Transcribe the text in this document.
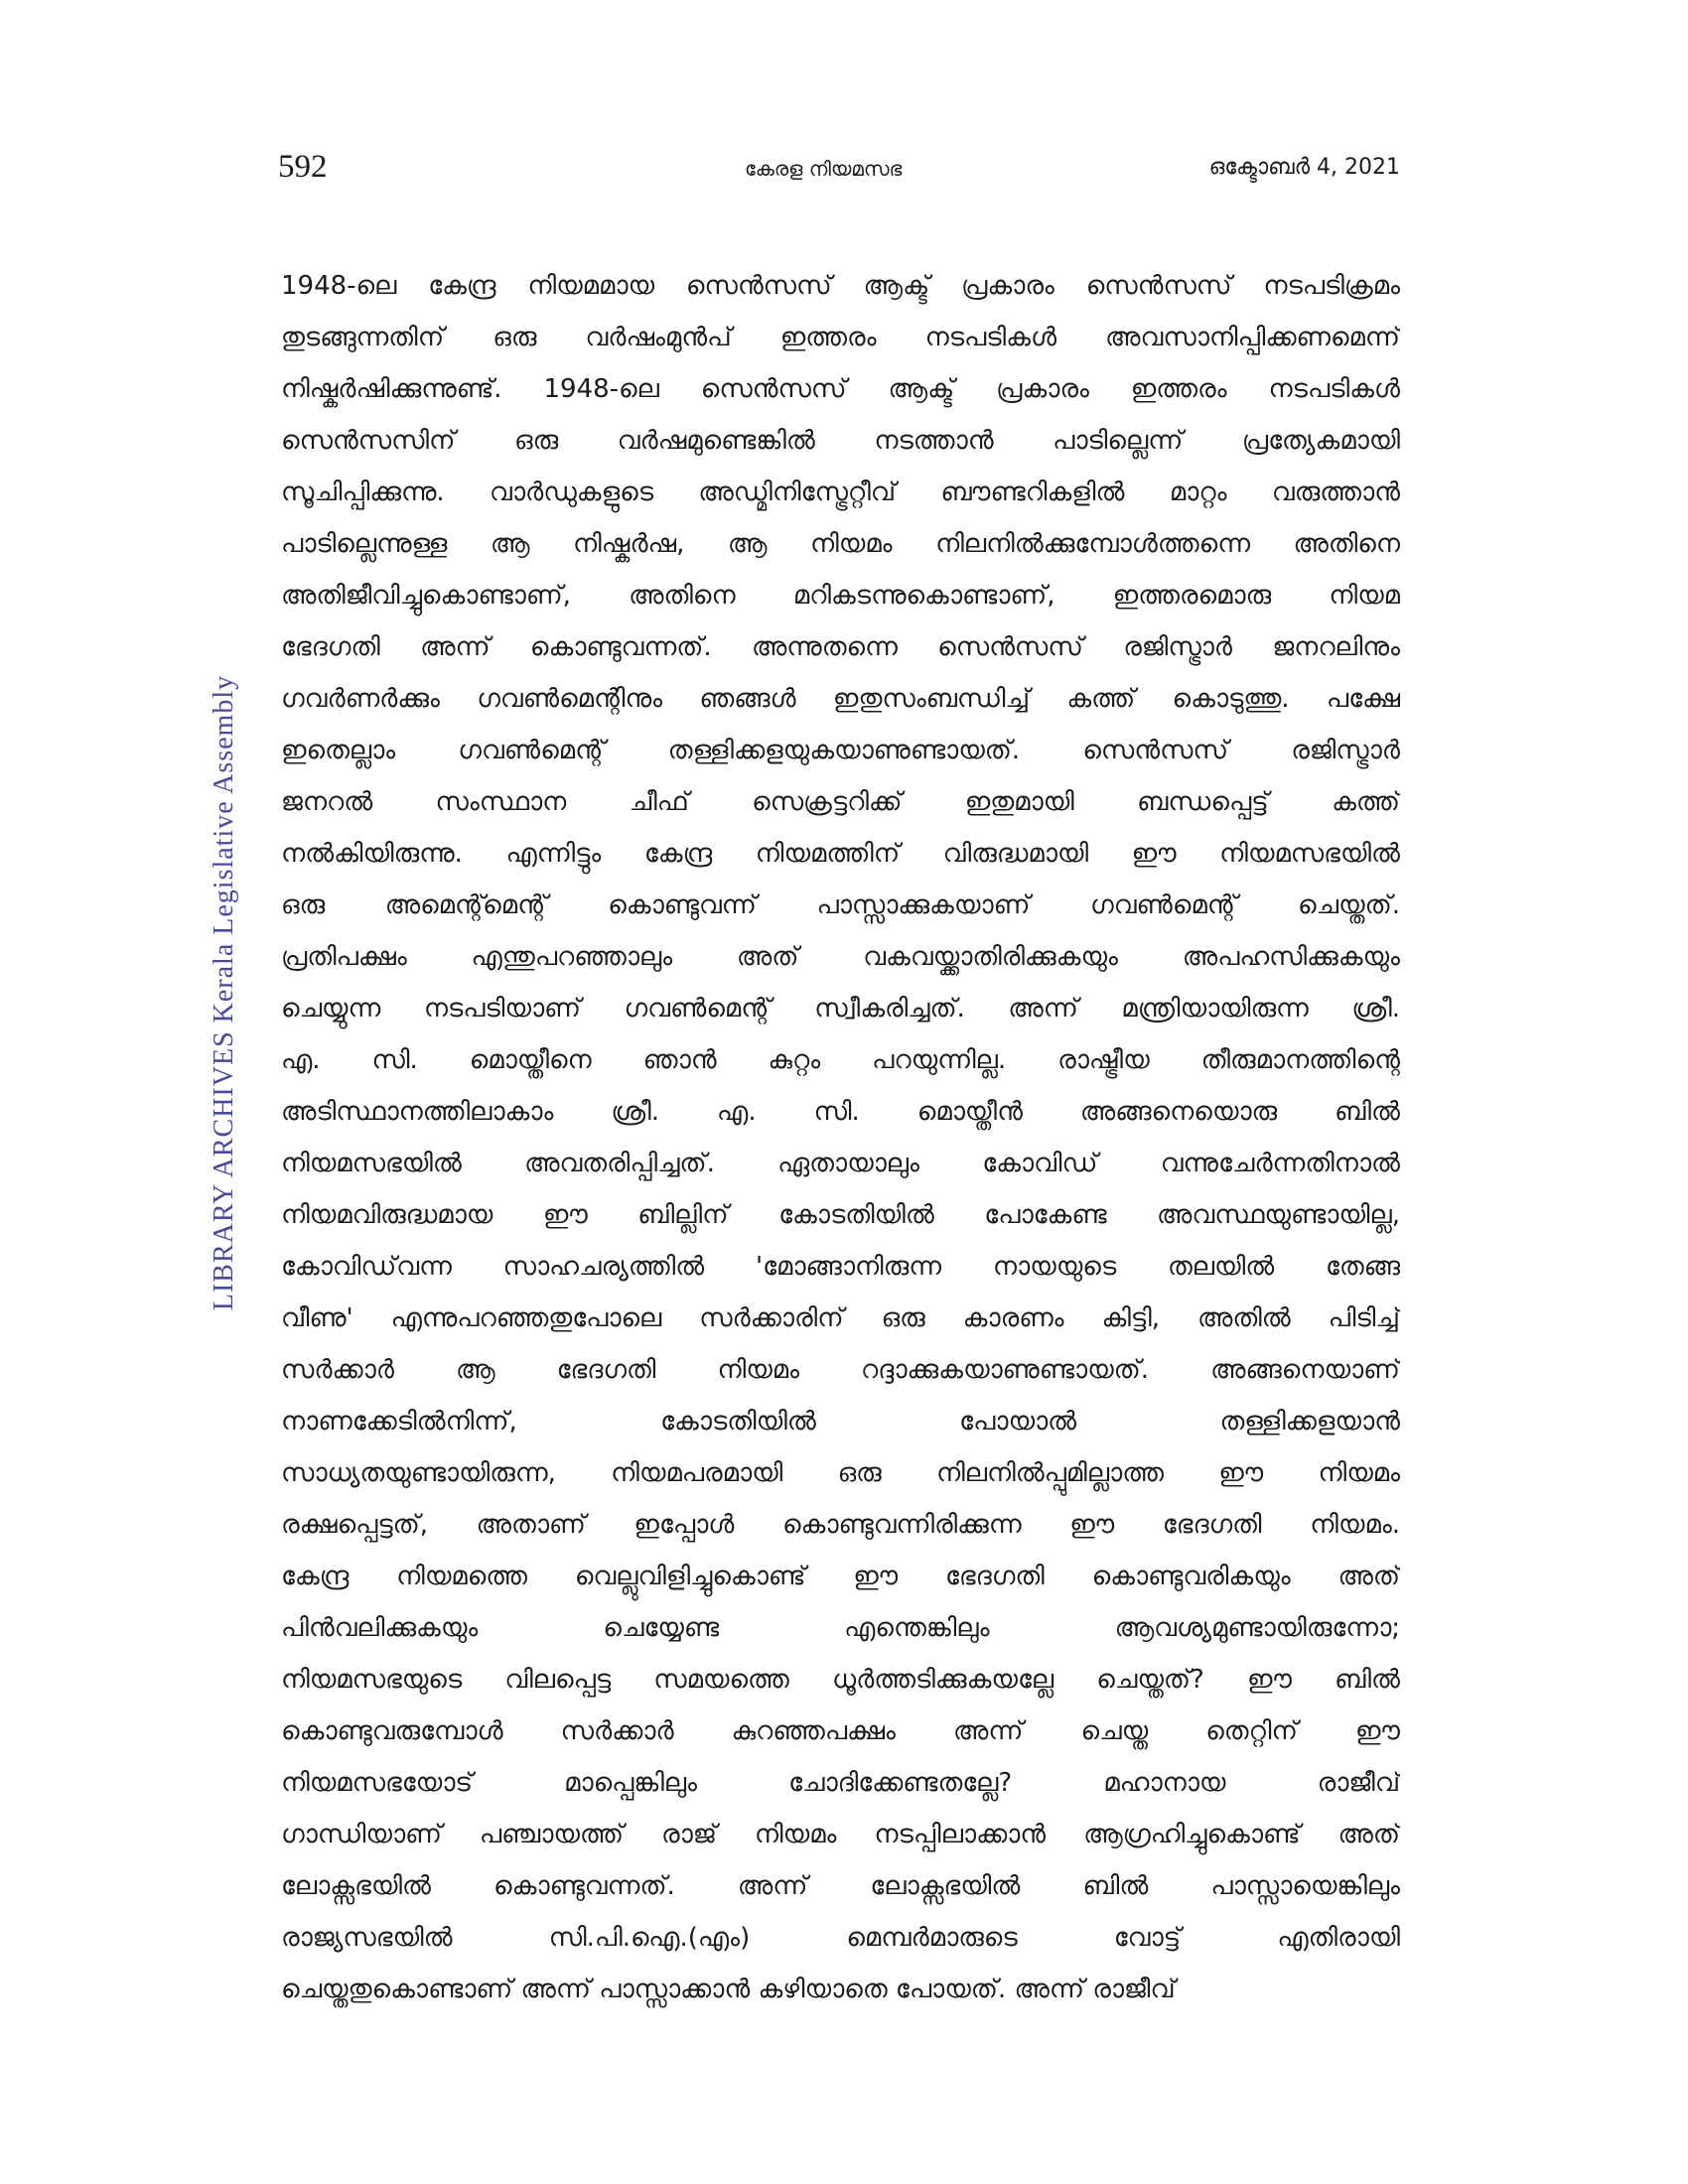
592	കേരള നിയമസഭ	ഒക്ടോബർ 4, 2021
LIBRARY ARCHIVES Kerala Legislative Assembly
1948-ലെ കേന്ദ്ര നിയമമായ സെൻസസ് ആക്ട് പ്രകാരം സെൻസസ് നടപടിക്രമം
തുടങ്ങുന്നതിന് ഒരു വർഷംമുൻപ് ഇത്തരം നടപടികൾ അവസാനിപ്പിക്കണമെന്ന്
നിഷ്കർഷിക്കുന്നുണ്ട്. 1948-ലെ സെൻസസ് ആക്ട് പ്രകാരം ഇത്തരം നടപടികൾ
സെൻസസിന് ഒരു വർഷമുണ്ടെങ്കിൽ നടത്താൻ പാടില്ലെന്ന് പ്രത്യേകമായി
സൂചിപ്പിക്കുന്നു. വാർഡുകളുടെ അഡ്മിനിസ്ട്രേറ്റീവ് ബൗണ്ടറികളിൽ മാറ്റം വരുത്താൻ
പാടില്ലെന്നുള്ള ആ നിഷ്കർഷ, ആ നിയമം നിലനിൽക്കുമ്പോൾത്തന്നെ അതിനെ
അതിജീവിച്ചുകൊണ്ടാണ്, അതിനെ മറികടന്നുകൊണ്ടാണ്, ഇത്തരമൊരു നിയമ
ഭേദഗതി അന്ന് കൊണ്ടുവന്നത്. അന്നുതന്നെ സെൻസസ് രജിസ്ട്രാർ ജനറലിനും
ഗവർണർക്കും ഗവൺമെന്റിനും ഞങ്ങൾ ഇതുസംബന്ധിച്ച് കത്ത് കൊടുത്തു. പക്ഷേ
ഇതെല്ലാം ഗവൺമെന്റ് തള്ളിക്കളയുകയാണുണ്ടായത്. സെൻസസ് രജിസ്ട്രാർ
ജനറൽ സംസ്ഥാന ചീഫ് സെക്രട്ടറിക്ക് ഇതുമായി ബന്ധപ്പെട്ട് കത്ത്
നൽകിയിരുന്നു. എന്നിട്ടും കേന്ദ്ര നിയമത്തിന് വിരുദ്ധമായി ഈ നിയമസഭയിൽ
ഒരു അമെന്റ്മെന്റ് കൊണ്ടുവന്ന് പാസ്സാക്കുകയാണ് ഗവൺമെന്റ് ചെയ്തത്.
പ്രതിപക്ഷം എന്തുപറഞ്ഞാലും അത് വകവയ്ക്കാതിരിക്കുകയും അപഹസിക്കുകയും
ചെയ്യുന്ന നടപടിയാണ് ഗവൺമെന്റ് സ്വീകരിച്ചത്. അന്ന് മന്ത്രിയായിരുന്ന ശ്രീ.
എ. സി. മൊയ്തീനെ ഞാൻ കുറ്റം പറയുന്നില്ല. രാഷ്ട്രീയ തീരുമാനത്തിന്റെ
അടിസ്ഥാനത്തിലാകാം ശ്രീ. എ. സി. മൊയ്തീൻ അങ്ങനെയൊരു ബിൽ
നിയമസഭയിൽ അവതരിപ്പിച്ചത്. ഏതായാലും കോവിഡ് വന്നുചേർന്നതിനാൽ
നിയമവിരുദ്ധമായ ഈ ബില്ലിന് കോടതിയിൽ പോകേണ്ട അവസ്ഥയുണ്ടായില്ല,
കോവിഡ്‌വന്ന സാഹചര്യത്തിൽ 'മോങ്ങാനിരുന്ന നായയുടെ തലയിൽ തേങ്ങ
വീണു' എന്നുപറഞ്ഞതുപോലെ സർക്കാരിന് ഒരു കാരണം കിട്ടി, അതിൽ പിടിച്ച്
സർക്കാർ ആ ഭേദഗതി നിയമം റദ്ദാക്കുകയാണുണ്ടായത്. അങ്ങനെയാണ്
നാണക്കേടിൽനിന്ന്, കോടതിയിൽ പോയാൽ തള്ളിക്കളയാൻ
സാധ്യതയുണ്ടായിരുന്ന, നിയമപരമായി ഒരു നിലനിൽപ്പുമില്ലാത്ത ഈ നിയമം
രക്ഷപ്പെട്ടത്, അതാണ് ഇപ്പോൾ കൊണ്ടുവന്നിരിക്കുന്ന ഈ ഭേദഗതി നിയമം.
കേന്ദ്ര നിയമത്തെ വെല്ലുവിളിച്ചുകൊണ്ട് ഈ ഭേദഗതി കൊണ്ടുവരികയും അത്
പിൻവലിക്കുകയും ചെയ്യേണ്ട എന്തെങ്കിലും ആവശ്യമുണ്ടായിരുന്നോ;
നിയമസഭയുടെ വിലപ്പെട്ട സമയത്തെ ധൂർത്തടിക്കുകയല്ലേ ചെയ്തത്? ഈ ബിൽ
കൊണ്ടുവരുമ്പോൾ സർക്കാർ കുറഞ്ഞപക്ഷം അന്ന് ചെയ്ത തെറ്റിന് ഈ
നിയമസഭയോട് മാപ്പെങ്കിലും ചോദിക്കേണ്ടതല്ലേ? മഹാനായ രാജീവ്
ഗാന്ധിയാണ് പഞ്ചായത്ത് രാജ് നിയമം നടപ്പിലാക്കാൻ ആഗ്രഹിച്ചുകൊണ്ട് അത്
ലോക്സഭയിൽ കൊണ്ടുവന്നത്. അന്ന് ലോക്സഭയിൽ ബിൽ പാസ്സായെങ്കിലും
രാജ്യസഭയിൽ സി.പി.ഐ.(എം) മെമ്പർമാരുടെ വോട്ട് എതിരായി
ചെയ്തതുകൊണ്ടാണ് അന്ന് പാസ്സാക്കാൻ കഴിയാതെ പോയത്. അന്ന് രാജീവ്
